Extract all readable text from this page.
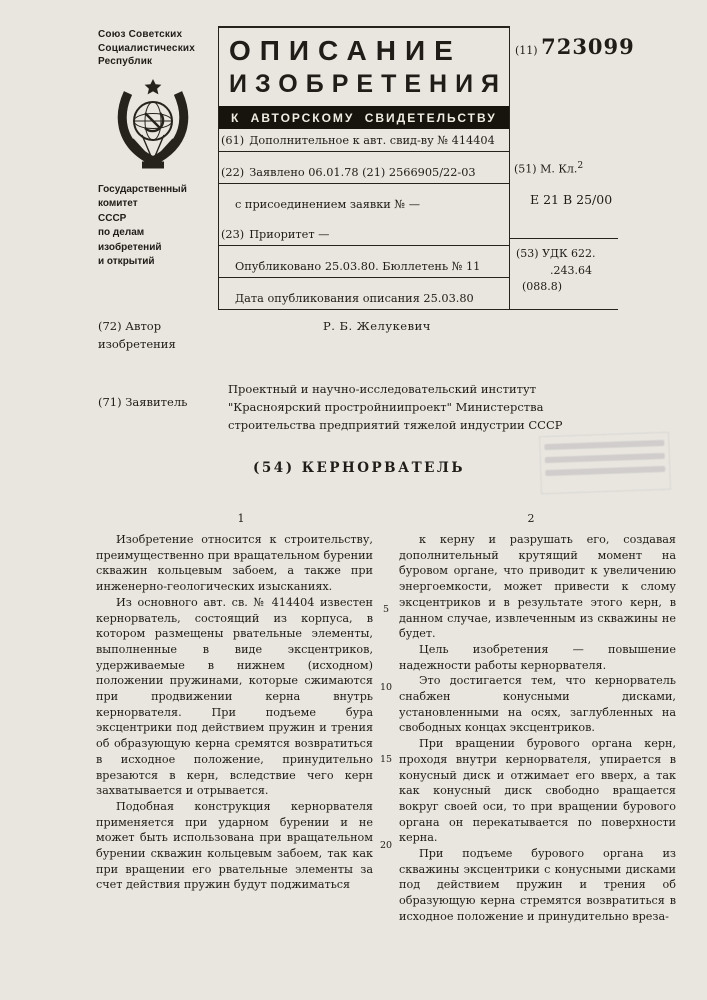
Союз Советских
Социалистических
Республик
Государственный комитет
СССР
по делам изобретений
и открытий
ОПИСАНИЕ
ИЗОБРЕТЕНИЯ
К АВТОРСКОМУ СВИДЕТЕЛЬСТВУ
(61) Дополнительное к авт. свид-ву № 414404
(22) Заявлено 06.01.78 (21) 2566905/22-03
с присоединением заявки № —
(23) Приоритет —
Опубликовано 25.03.80. Бюллетень № 11
Дата опубликования описания 25.03.80
(11) 723099
(51) М. Кл.$^2$
Е 21 В 25/00
(53) УДК 622.
.243.64
(088.8)
(72) Автор
изобретения
Р. Б. Желукевич
(71) Заявитель
Проектный и научно-исследовательский институт
"Красноярский простройниипроект" Министерства
строительства предприятий тяжелой индустрии СССР
(54) КЕРНОРВАТЕЛЬ
1	2

Изобретение относится к строительству, преимущественно при вращательном бурении скважин кольцевым забоем, а также при инженерно-геологических изысканиях.

Из основного авт. св. № 414404 известен кернорватель, состоящий из корпуса, в котором размещены рвательные элементы, выполненные в виде эксцентриков, удерживаемые в нижнем (исходном) положении пружинами, которые сжимаются при продвижении керна внутрь кернорвателя. При подъеме бура эксцентрики под действием пружин и трения об образующую керна сремятся возвратиться в исходное положение, принудительно врезаются в керн, вследствие чего керн захватывается и отрывается.

Подобная конструкция кернорвателя применяется при ударном бурении и не может быть использована при вращательном бурении скважин кольцевым забоем, так как при вращении его рвательные элементы за счет действия пружин будут поджиматься

к керну и разрушать его, создавая дополнительный крутящий момент на буровом органе, что приводит к увеличению энергоемкости, может привести к слому эксцентриков и в результате этого керн, в данном случае, извлеченным из скважины не будет.

Цель изобретения — повышение надежности работы кернорвателя.

Это достигается тем, что кернорватель снабжен конусными дисками, установленными на осях, заглубленных на свободных концах эксцентриков.

При вращении бурового органа керн, проходя внутри кернорвателя, упирается в конусный диск и отжимает его вверх, а так как конусный диск свободно вращается вокруг своей оси, то при вращении бурового органа он перекатывается по поверхности керна.

При подъеме бурового органа из скважины эксцентрики с конусными дисками под действием пружин и трения об образующую керна стремятся возвратиться в исходное положение и принудительно вреза-

5
10
15
20
